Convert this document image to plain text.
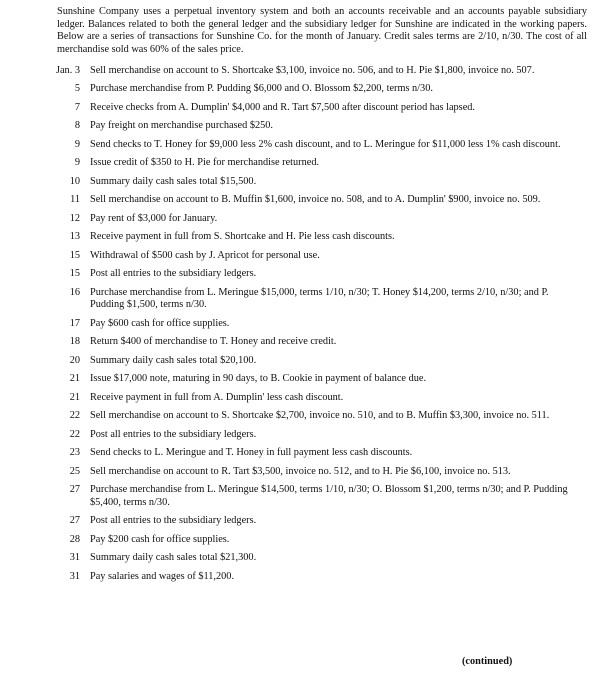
Sunshine Company uses a perpetual inventory system and both an accounts receivable and an accounts payable subsidiary ledger. Balances related to both the general ledger and the subsidiary ledger for Sunshine are indicated in the working papers. Below are a series of transactions for Sunshine Co. for the month of January. Credit sales terms are 2/10, n/30. The cost of all merchandise sold was 60% of the sales price.

Jan. 3 Sell merchandise on account to S. Shortcake $3,100, invoice no. 506, and to H. Pie $1,800, invoice no. 507.
5 Purchase merchandise from P. Pudding $6,000 and O. Blossom $2,200, terms n/30.
7 Receive checks from A. Dumplin' $4,000 and R. Tart $7,500 after discount period has lapsed.
8 Pay freight on merchandise purchased $250.
9 Send checks to T. Honey for $9,000 less 2% cash discount, and to L. Meringue for $11,000 less 1% cash discount.
9 Issue credit of $350 to H. Pie for merchandise returned.
10 Summary daily cash sales total $15,500.
11 Sell merchandise on account to B. Muffin $1,600, invoice no. 508, and to A. Dumplin' $900, invoice no. 509.
12 Pay rent of $3,000 for January.
13 Receive payment in full from S. Shortcake and H. Pie less cash discounts.
15 Withdrawal of $500 cash by J. Apricot for personal use.
15 Post all entries to the subsidiary ledgers.
16 Purchase merchandise from L. Meringue $15,000, terms 1/10, n/30; T. Honey $14,200, terms 2/10, n/30; and P. Pudding $1,500, terms n/30.
17 Pay $600 cash for office supplies.
18 Return $400 of merchandise to T. Honey and receive credit.
20 Summary daily cash sales total $20,100.
21 Issue $17,000 note, maturing in 90 days, to B. Cookie in payment of balance due.
21 Receive payment in full from A. Dumplin' less cash discount.
22 Sell merchandise on account to S. Shortcake $2,700, invoice no. 510, and to B. Muffin $3,300, invoice no. 511.
22 Post all entries to the subsidiary ledgers.
23 Send checks to L. Meringue and T. Honey in full payment less cash discounts.
25 Sell merchandise on account to R. Tart $3,500, invoice no. 512, and to H. Pie $6,100, invoice no. 513.
27 Purchase merchandise from L. Meringue $14,500, terms 1/10, n/30; O. Blossom $1,200, terms n/30; and P. Pudding $5,400, terms n/30.
27 Post all entries to the subsidiary ledgers.
28 Pay $200 cash for office supplies.
31 Summary daily cash sales total $21,300.
31 Pay salaries and wages of $11,200.
(continued)
